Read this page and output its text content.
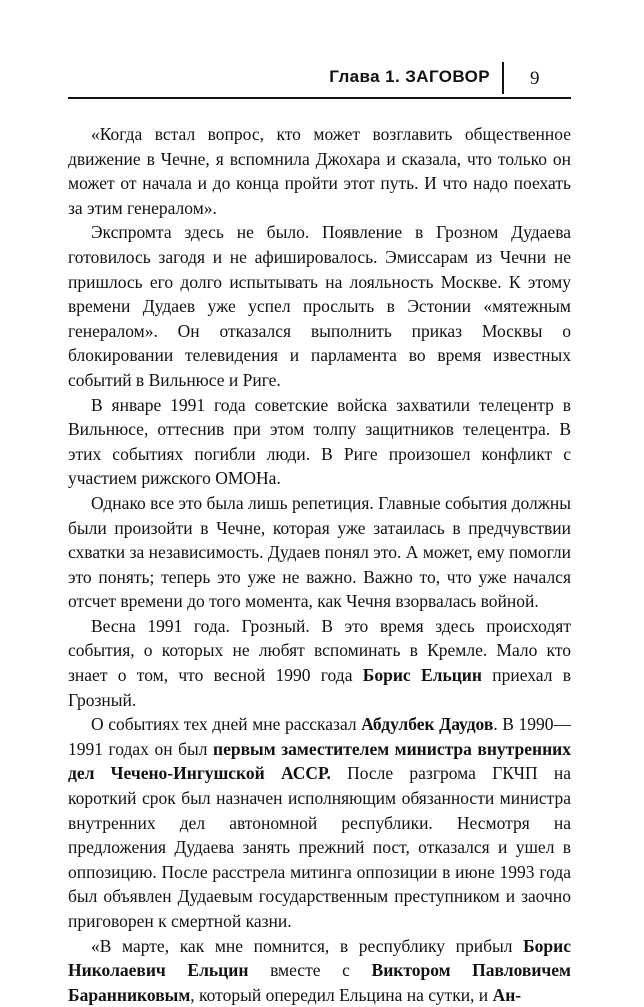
Глава 1. ЗАГОВОР 9

«Когда встал вопрос, кто может возглавить общественное движение в Чечне, я вспомнила Джохара и сказала, что только он может от начала и до конца пройти этот путь. И что надо поехать за этим генералом».

Экспромта здесь не было. Появление в Грозном Дудаева готовилось загодя и не афишировалось. Эмиссарам из Чечни не пришлось его долго испытывать на лояльность Москве. К этому времени Дудаев уже успел прослыть в Эстонии «мятежным генералом». Он отказался выполнить приказ Москвы о блокировании телевидения и парламента во время известных событий в Вильнюсе и Риге.

В январе 1991 года советские войска захватили телецентр в Вильнюсе, оттеснив при этом толпу защитников телецентра. В этих событиях погибли люди. В Риге произошел конфликт с участием рижского ОМОНа.

Однако все это была лишь репетиция. Главные события должны были произойти в Чечне, которая уже затаилась в предчувствии схватки за независимость. Дудаев понял это. А может, ему помогли это понять; теперь это уже не важно. Важно то, что уже начался отсчет времени до того момента, как Чечня взорвалась войной.

Весна 1991 года. Грозный. В это время здесь происходят события, о которых не любят вспоминать в Кремле. Мало кто знает о том, что весной 1990 года Борис Ельцин приехал в Грозный.

О событиях тех дней мне рассказал Абдулбек Даудов. В 1990—1991 годах он был первым заместителем министра внутренних дел Чечено-Ингушской АССР. После разгрома ГКЧП на короткий срок был назначен исполняющим обязанности министра внутренних дел автономной республики. Несмотря на предложения Дудаева занять прежний пост, отказался и ушел в оппозицию. После расстрела митинга оппозиции в июне 1993 года был объявлен Дудаевым государственным преступником и заочно приговорен к смертной казни.

«В марте, как мне помнится, в республику прибыл Борис Николаевич Ельцин вместе с Виктором Павловичем Баранниковым, который опередил Ельцина на сутки, и Ан-
